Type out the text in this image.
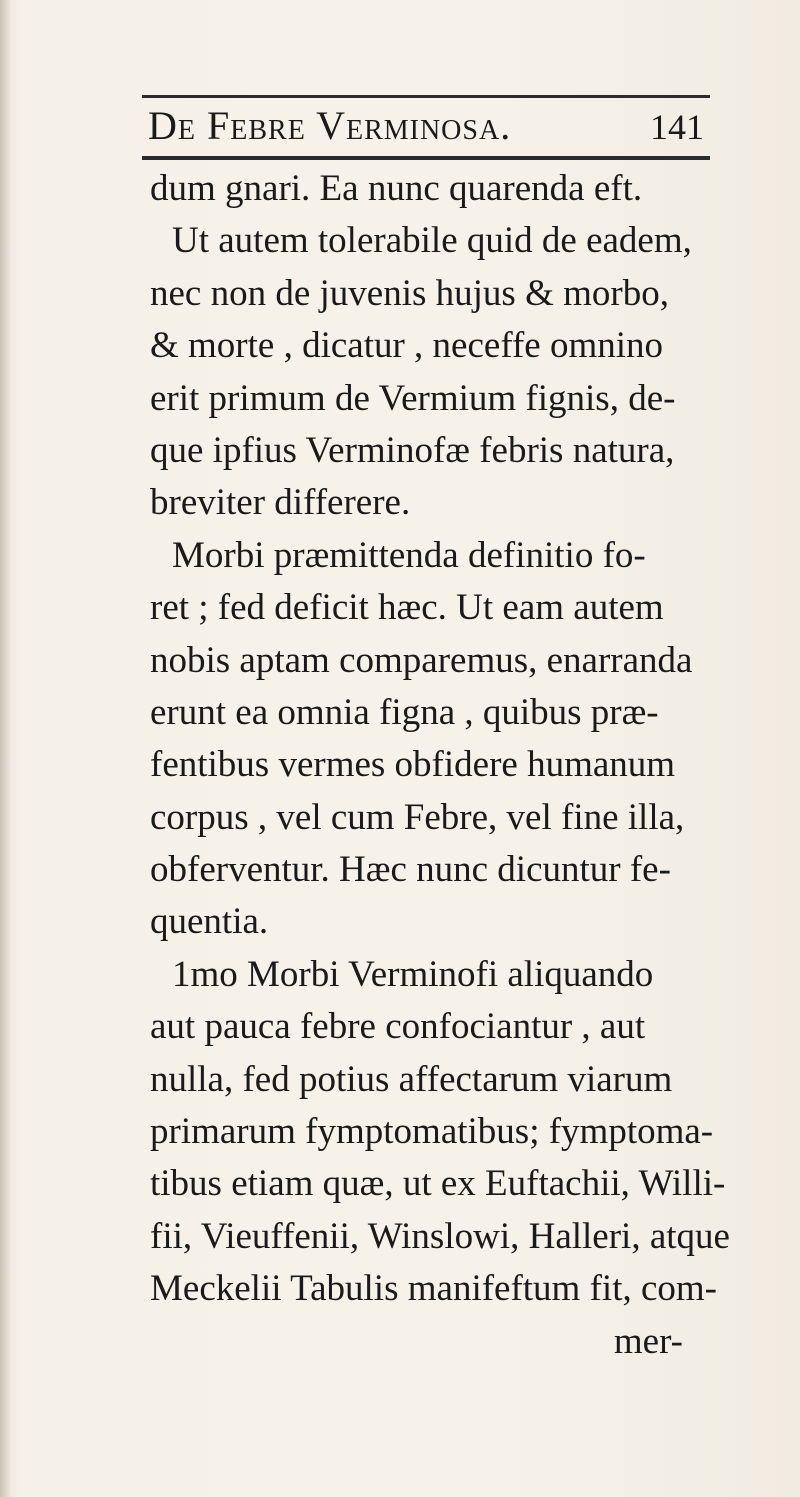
De Febre Verminosa.	141
dum gnari. Ea nunc quarenda eft.
Ut autem tolerabile quid de eadem,
nec non de juvenis hujus & morbo,
& morte , dicatur , neceffe omnino
erit primum de Vermium fignis, de-
que ipfius Verminofæ febris natura,
breviter differere.
Morbi præmittenda definitio fo-
ret ; fed deficit hæc. Ut eam autem
nobis aptam comparemus, enarranda
erunt ea omnia figna , quibus præ-
fentibus vermes obfidere humanum
corpus , vel cum Febre, vel fine illa,
obferventur. Hæc nunc dicuntur fe-
quentia.
1mo Morbi Verminofi aliquando
aut pauca febre confociantur , aut
nulla, fed potius affectarum viarum
primarum fymptomatibus; fymptoma-
tibus etiam quæ, ut ex Euftachii, Willi-
fii, Vieuffenii, Winslowi, Halleri, atque
Meckelii Tabulis manifeftum fit, com-
mer-
